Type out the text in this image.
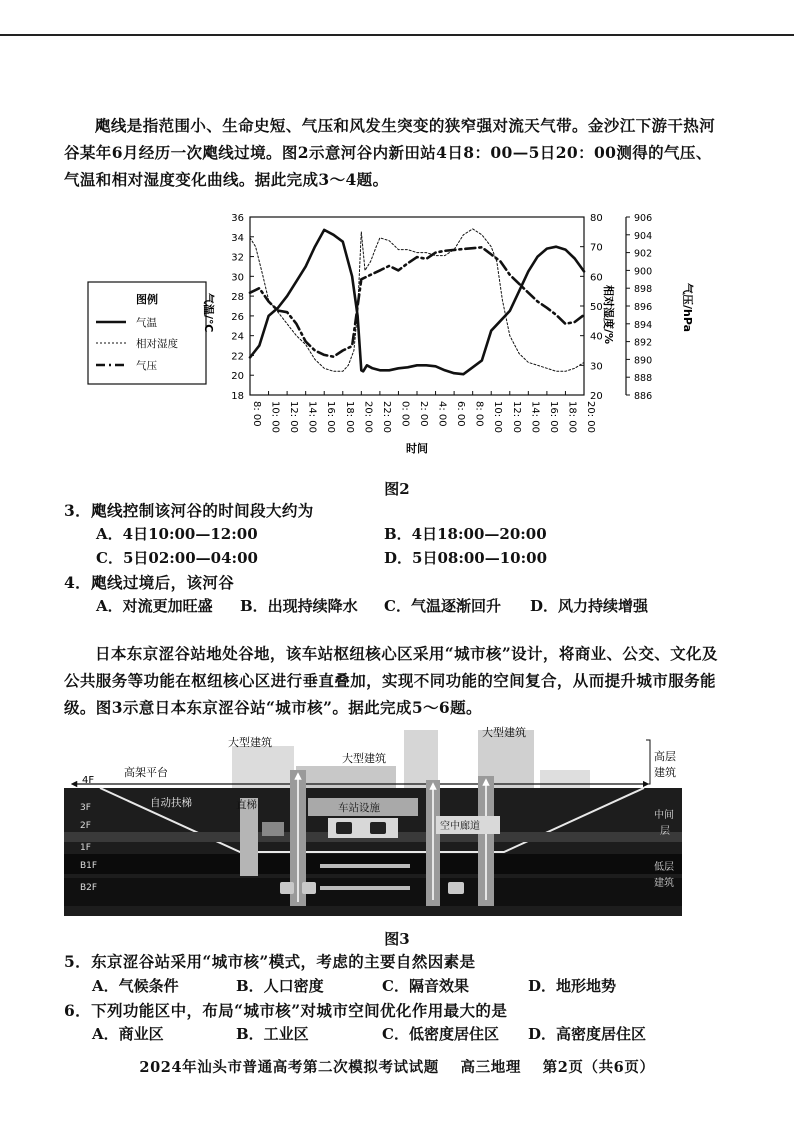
飑线是指范围小、生命史短、气压和风发生突变的狭窄强对流天气带。金沙江下游干热河谷某年6月经历一次飑线过境。图2示意河谷内新田站4日8：00—5日20：00测得的气压、气温和相对湿度变化曲线。据此完成3～4题。

18
20
22
24
26
28
30
32
34
36
20
30
40
50
60
70
80
886
888
890
892
894
896
898
900
902
904
906
8: 00 10: 00 12: 00 14: 00 16: 00 18: 00 20: 00 22: 00 0: 00 2: 00 4: 00 6: 00 8: 00 10: 00 12: 00 14: 00 16: 00 18: 00 20: 00
图例
气温
相对湿度
气压
气温/℃	相对湿度/%	气压/hPa
时间
图2
3．飑线控制该河谷的时间段大约为
A．4日10:00—12:00	B．4日18:00—20:00
C．5日02:00—04:00	D．5日08:00—10:00
4．飑线过境后，该河谷
A．对流更加旺盛 B．出现持续降水 C．气温逐渐回升 D．风力持续增强

日本东京涩谷站地处谷地，该车站枢纽核心区采用“城市核”设计，将商业、公交、文化及公共服务等功能在枢纽核心区进行垂直叠加，实现不同功能的空间复合，从而提升城市服务能级。图3示意日本东京涩谷站“城市核”。据此完成5～6题。

大型建筑
大型建筑
大型建筑
高架平台
4F
高层
建筑
3F
2F
1F
B1F
B2F
车站设施
直梯
空中廊道
自动扶梯
中间
层
低层
建筑
图3
5．东京涩谷站采用“城市核”模式，考虑的主要自然因素是
A．气候条件	B．人口密度	C．隔音效果	D．地形地势
6．下列功能区中，布局“城市核”对城市空间优化作用最大的是
A．商业区	B．工业区	C．低密度居住区 D．高密度居住区
2024年汕头市普通高考第二次模拟考试试题 高三地理 第2页（共6页）
